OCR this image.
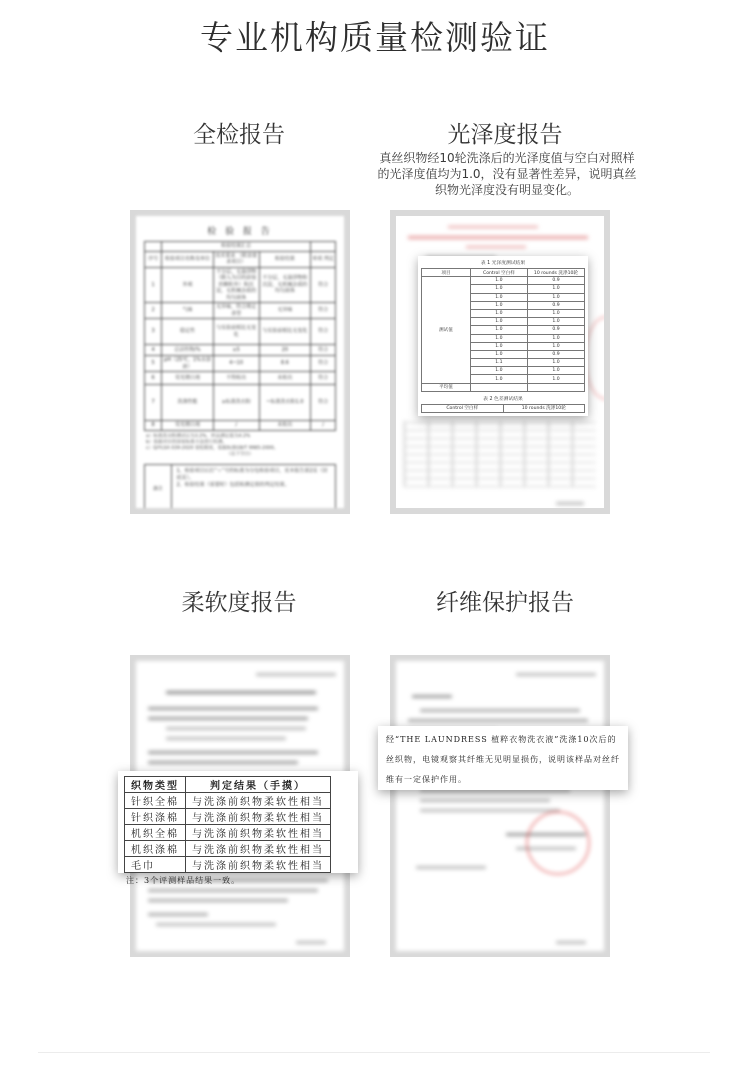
专业机构质量检测验证
全检报告	光泽度报告
真丝织物经10轮洗涤后的光泽度值与空白对照样的光泽度值均为1.0，没有显著性差异，说明真丝织物光泽度没有明显变化。
柔软度报告	纤维保护报告
检 验 报 告
	检验结果汇总			
序号	检验项目名称及单位	技术要求 （附表要求项目）	检验结果	单项 判定
1	外观	不分层、无悬浮物（除入为目的添加的颗粒外）和沉淀，无机械杂质的均匀液体	不分层，无悬浮物和沉淀，无机械杂质的均匀液体	符合
2	气味	无异味，符合规定香型	无异味	符合
3	稳定性	与实验前相比无变化	与实验前相比无变化	符合
4	总活性物/%	≥5	20	符合
5	pH（25℃，1%水溶液）	4~10	8.6	符合
6	荧光增白剂	不得检出	未检出	符合
7	洗涤性能	≥标准洗衣粉	~标准洗衣粉1.0	符合
8	荧光增白剂	/	未检出	/
a）标准洗衣粉测试后为3.2%，样品测定值为4.2%
b）依据对应的国家标准方法进行检测。
c）Q/YLSA 039-2020 宽松限度，依据标准GB/T 9985-2000。
（以下空白）
备注
1、检验项目后打“☆”号的标准为分包检验项目，见本报告第2页（封底页）。
2、检验结果（需要时）包括检测定值的判定结果。
表 1 光泽度测试结果
项目	Control 空白样	10 rounds 洗涤10轮
测试值	1.0	0.9
	1.0	1.0
	1.0	1.0
	1.0	0.9
	1.0	1.0
	1.0	1.0
	1.0	0.9
	1.0	1.0
	1.0	1.0
	1.0	0.9
	1.1	1.0
	1.0	1.0
	1.0	1.0
平均值		
表 2 色差测试结果
Control 空白样	10 rounds 洗涤10轮
织物类型	判定结果（手摸）
针织全棉	与洗涤前织物柔软性相当
针织涤棉	与洗涤前织物柔软性相当
机织全棉	与洗涤前织物柔软性相当
机织涤棉	与洗涤前织物柔软性相当
毛巾	与洗涤前织物柔软性相当
注：3个评测样品结果一致。
经“THE LAUNDRESS 植粹衣物洗衣液”洗涤10次后的丝织物，电镜观察其纤维无见明显损伤，说明该样品对丝纤维有一定保护作用。
